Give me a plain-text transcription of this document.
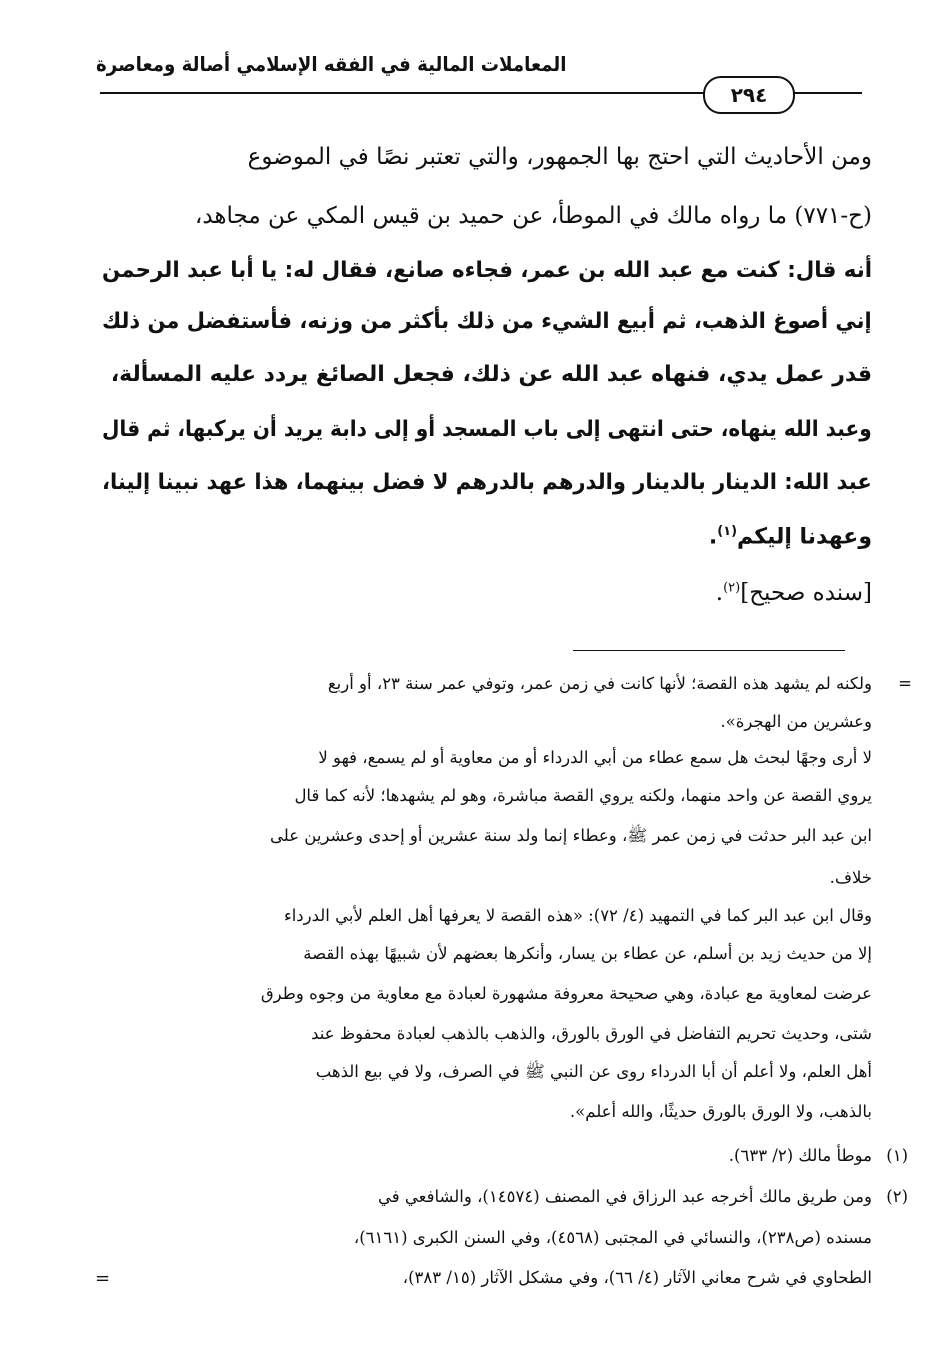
المعاملات المالية في الفقه الإسلامي أصالة ومعاصرة
٢٩٤
ومن الأحاديث التي احتج بها الجمهور، والتي تعتبر نصًا في الموضوع
(ح-٧٧١) ما رواه مالك في الموطأ، عن حميد بن قيس المكي عن مجاهد،
أنه قال: كنت مع عبد الله بن عمر، فجاءه صانع، فقال له: يا أبا عبد الرحمن
إني أصوغ الذهب، ثم أبيع الشيء من ذلك بأكثر من وزنه، فأستفضل من ذلك
قدر عمل يدي، فنهاه عبد الله عن ذلك، فجعل الصائغ يردد عليه المسألة،
وعبد الله ينهاه، حتى انتهى إلى باب المسجد أو إلى دابة يريد أن يركبها، ثم قال
عبد الله: الدينار بالدينار والدرهم بالدرهم لا فضل بينهما، هذا عهد نبينا إلينا،
وعهدنا إليكم$^{(١)}$.
[سنده صحيح]$^{(٢)}$.
=
ولكنه لم يشهد هذه القصة؛ لأنها كانت في زمن عمر، وتوفي عمر سنة ٢٣، أو أربع
وعشرين من الهجرة».
لا أرى وجهًا لبحث هل سمع عطاء من أبي الدرداء أو من معاوية أو لم يسمع، فهو لا
يروي القصة عن واحد منهما، ولكنه يروي القصة مباشرة، وهو لم يشهدها؛ لأنه كما قال
ابن عبد البر حدثت في زمن عمر ﷺ، وعطاء إنما ولد سنة عشرين أو إحدى وعشرين على
خلاف.
وقال ابن عبد البر كما في التمهيد (٤/ ٧٢): «هذه القصة لا يعرفها أهل العلم لأبي الدرداء
إلا من حديث زيد بن أسلم، عن عطاء بن يسار، وأنكرها بعضهم لأن شبيهًا بهذه القصة
عرضت لمعاوية مع عبادة، وهي صحيحة معروفة مشهورة لعبادة مع معاوية من وجوه وطرق
شتى، وحديث تحريم التفاضل في الورق بالورق، والذهب بالذهب لعبادة محفوظ عند
أهل العلم، ولا أعلم أن أبا الدرداء روى عن النبي ﷺ في الصرف، ولا في بيع الذهب
بالذهب، ولا الورق بالورق حديثًا، والله أعلم».
(١)
موطأ مالك (٢/ ٦٣٣).
(٢)
ومن طريق مالك أخرجه عبد الرزاق في المصنف (١٤٥٧٤)، والشافعي في
مسنده (ص٢٣٨)، والنسائي في المجتبى (٤٥٦٨)، وفي السنن الكبرى (٦١٦١)،
الطحاوي في شرح معاني الآثار (٤/ ٦٦)، وفي مشكل الآثار (١٥/ ٣٨٣)،
=
